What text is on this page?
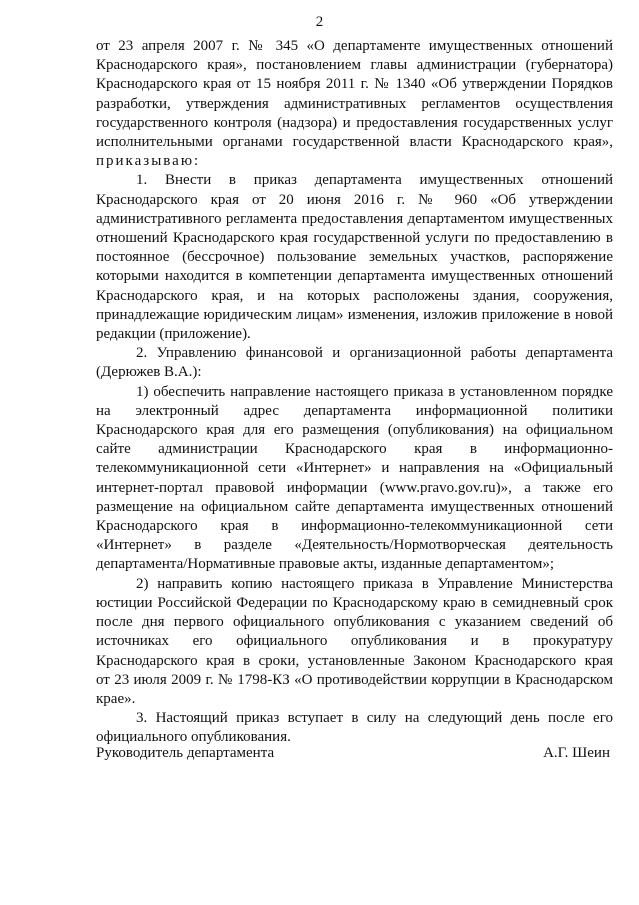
2

от 23 апреля 2007 г. № 345 «О департаменте имущественных отношений

Краснодарского края», постановлением главы администрации (губернатора)

Краснодарского края от 15 ноября 2011 г. № 1340 «Об утверждении Порядков

разработки, утверждения административных регламентов осуществления

государственного контроля (надзора) и предоставления государственных услуг

исполнительными органами государственной власти Краснодарского края»,

приказываю:

1. Внести в приказ департамента имущественных отношений

Краснодарского края от 20 июня 2016 г. № 960 «Об утверждении

административного регламента предоставления департаментом имущественных

отношений Краснодарского края государственной услуги по предоставлению в

постоянное (бессрочное) пользование земельных участков, распоряжение

которыми находится в компетенции департамента имущественных отношений

Краснодарского края, и на которых расположены здания, сооружения,

принадлежащие юридическим лицам» изменения, изложив приложение в новой

редакции (приложение).

2. Управлению финансовой и организационной работы департамента

(Дерюжев В.А.):

1) обеспечить направление настоящего приказа в установленном порядке

на электронный адрес департамента информационной политики

Краснодарского края для его размещения (опубликования) на официальном

сайте администрации Краснодарского края в информационно-

телекоммуникационной сети «Интернет» и направления на «Официальный

интернет-портал правовой информации (www.pravo.gov.ru)», а также его

размещение на официальном сайте департамента имущественных отношений

Краснодарского края в информационно-телекоммуникационной сети

«Интернет» в разделе «Деятельность/Нормотворческая деятельность

департамента/Нормативные правовые акты, изданные департаментом»;

2) направить копию настоящего приказа в Управление Министерства

юстиции Российской Федерации по Краснодарскому краю в семидневный срок

после дня первого официального опубликования с указанием сведений об

источниках его официального опубликования и в прокуратуру

Краснодарского края в сроки, установленные Законом Краснодарского края

от 23 июля 2009 г. № 1798-КЗ «О противодействии коррупции в Краснодарском

крае».

3. Настоящий приказ вступает в силу на следующий день после его

официального опубликования.

Руководитель департамента	А.Г. Шеин
